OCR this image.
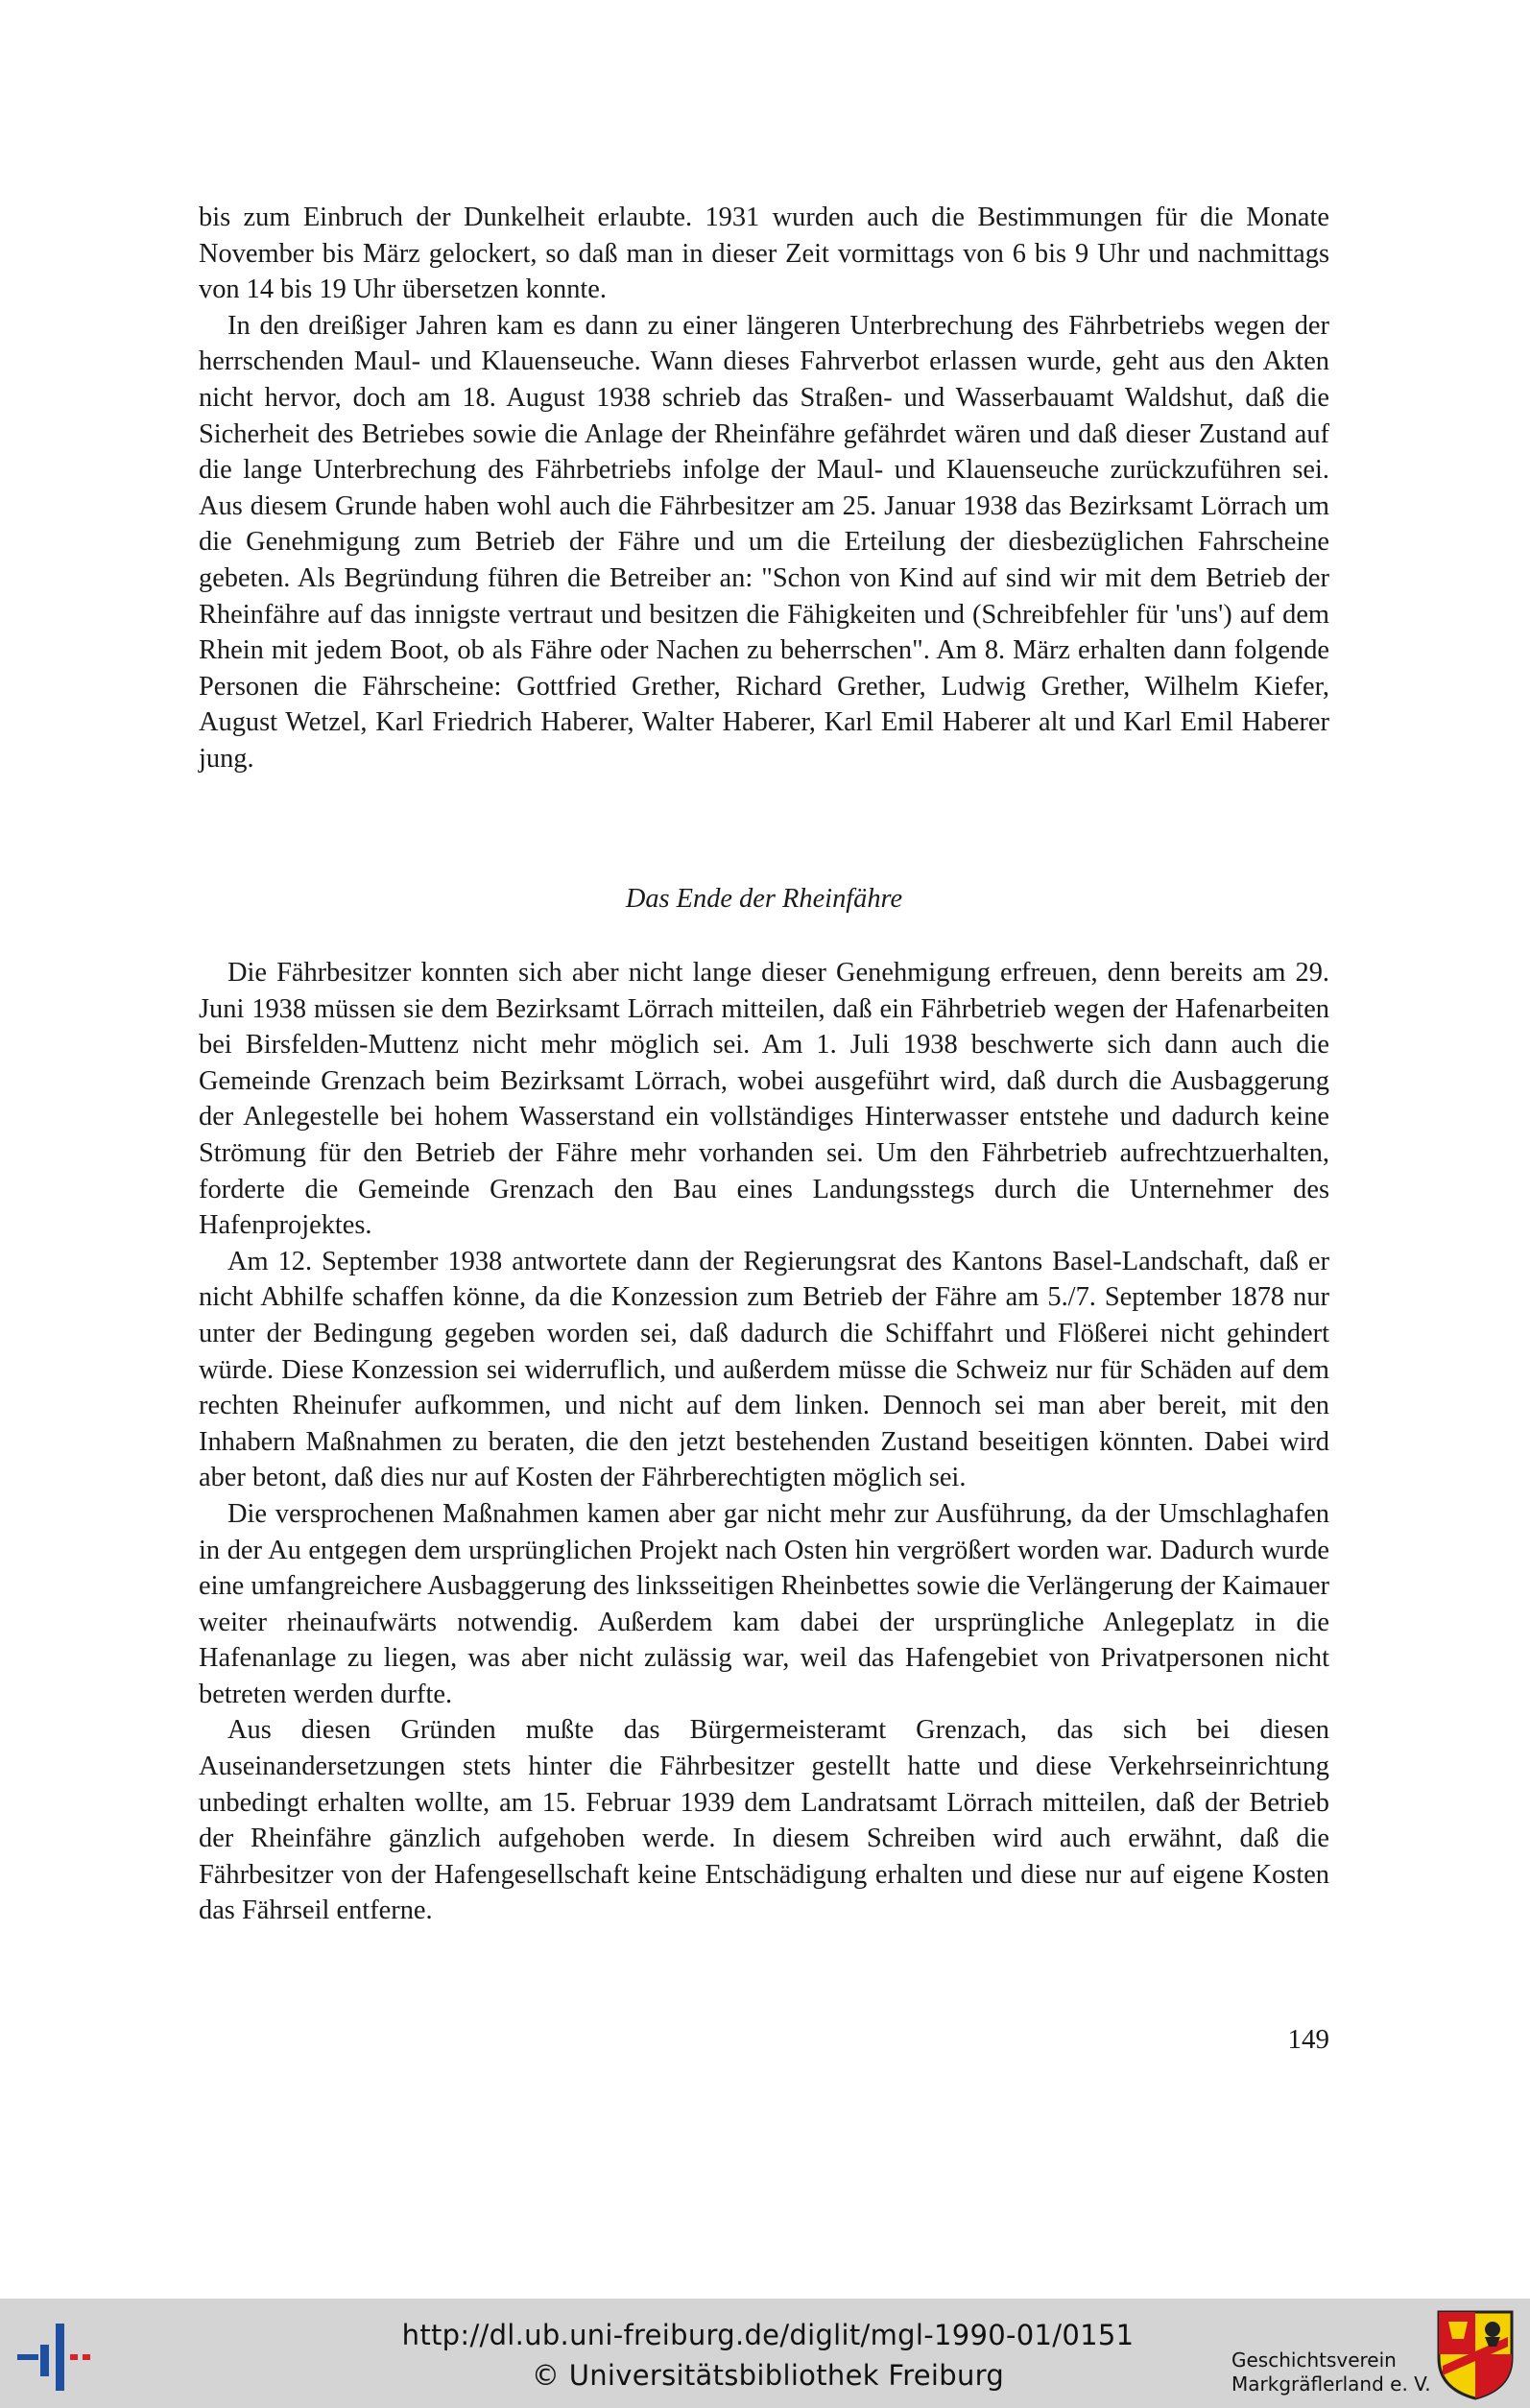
bis zum Einbruch der Dunkelheit erlaubte. 1931 wurden auch die Bestimmungen für die Monate November bis März gelockert, so daß man in dieser Zeit vormittags von 6 bis 9 Uhr und nachmittags von 14 bis 19 Uhr übersetzen konnte.

In den dreißiger Jahren kam es dann zu einer längeren Unterbrechung des Fährbetriebs wegen der herrschenden Maul- und Klauenseuche. Wann dieses Fahrverbot erlassen wurde, geht aus den Akten nicht hervor, doch am 18. August 1938 schrieb das Straßen- und Wasserbauamt Waldshut, daß die Sicherheit des Betriebes sowie die Anlage der Rheinfähre gefährdet wären und daß dieser Zustand auf die lange Unterbrechung des Fährbetriebs infolge der Maul- und Klauenseuche zurückzuführen sei. Aus diesem Grunde haben wohl auch die Fährbesitzer am 25. Januar 1938 das Bezirksamt Lörrach um die Genehmigung zum Betrieb der Fähre und um die Erteilung der diesbezüglichen Fahrscheine gebeten. Als Begründung führen die Betreiber an: "Schon von Kind auf sind wir mit dem Betrieb der Rheinfähre auf das innigste vertraut und besitzen die Fähigkeiten und (Schreibfehler für 'uns') auf dem Rhein mit jedem Boot, ob als Fähre oder Nachen zu beherrschen". Am 8. März erhalten dann folgende Personen die Fährscheine: Gottfried Grether, Richard Grether, Ludwig Grether, Wilhelm Kiefer, August Wetzel, Karl Friedrich Haberer, Walter Haberer, Karl Emil Haberer alt und Karl Emil Haberer jung.

Das Ende der Rheinfähre

Die Fährbesitzer konnten sich aber nicht lange dieser Genehmigung erfreuen, denn bereits am 29. Juni 1938 müssen sie dem Bezirksamt Lörrach mitteilen, daß ein Fährbetrieb wegen der Hafenarbeiten bei Birsfelden-Muttenz nicht mehr möglich sei. Am 1. Juli 1938 beschwerte sich dann auch die Gemeinde Grenzach beim Bezirksamt Lörrach, wobei ausgeführt wird, daß durch die Ausbaggerung der Anlegestelle bei hohem Wasserstand ein vollständiges Hinterwasser entstehe und dadurch keine Strömung für den Betrieb der Fähre mehr vorhanden sei. Um den Fährbetrieb aufrechtzuerhalten, forderte die Gemeinde Grenzach den Bau eines Landungsstegs durch die Unternehmer des Hafenprojektes.

Am 12. September 1938 antwortete dann der Regierungsrat des Kantons Basel-Landschaft, daß er nicht Abhilfe schaffen könne, da die Konzession zum Betrieb der Fähre am 5./7. September 1878 nur unter der Bedingung gegeben worden sei, daß dadurch die Schiffahrt und Flößerei nicht gehindert würde. Diese Konzession sei widerruflich, und außerdem müsse die Schweiz nur für Schäden auf dem rechten Rheinufer aufkommen, und nicht auf dem linken. Dennoch sei man aber bereit, mit den Inhabern Maßnahmen zu beraten, die den jetzt bestehenden Zustand beseitigen könnten. Dabei wird aber betont, daß dies nur auf Kosten der Fährberechtigten möglich sei.

Die versprochenen Maßnahmen kamen aber gar nicht mehr zur Ausführung, da der Umschlaghafen in der Au entgegen dem ursprünglichen Projekt nach Osten hin vergrößert worden war. Dadurch wurde eine umfangreichere Ausbaggerung des linksseitigen Rheinbettes sowie die Verlängerung der Kaimauer weiter rheinaufwärts notwendig. Außerdem kam dabei der ursprüngliche Anlegeplatz in die Hafenanlage zu liegen, was aber nicht zulässig war, weil das Hafengebiet von Privatpersonen nicht betreten werden durfte.

Aus diesen Gründen mußte das Bürgermeisteramt Grenzach, das sich bei diesen Auseinandersetzungen stets hinter die Fährbesitzer gestellt hatte und diese Verkehrseinrichtung unbedingt erhalten wollte, am 15. Februar 1939 dem Landratsamt Lörrach mitteilen, daß der Betrieb der Rheinfähre gänzlich aufgehoben werde. In diesem Schreiben wird auch erwähnt, daß die Fährbesitzer von der Hafengesellschaft keine Entschädigung erhalten und diese nur auf eigene Kosten das Fährseil entferne.

149
http://dl.ub.uni-freiburg.de/diglit/mgl-1990-01/0151
© Universitätsbibliothek Freiburg	Geschichtsverein
Markgräflerland e. V.
